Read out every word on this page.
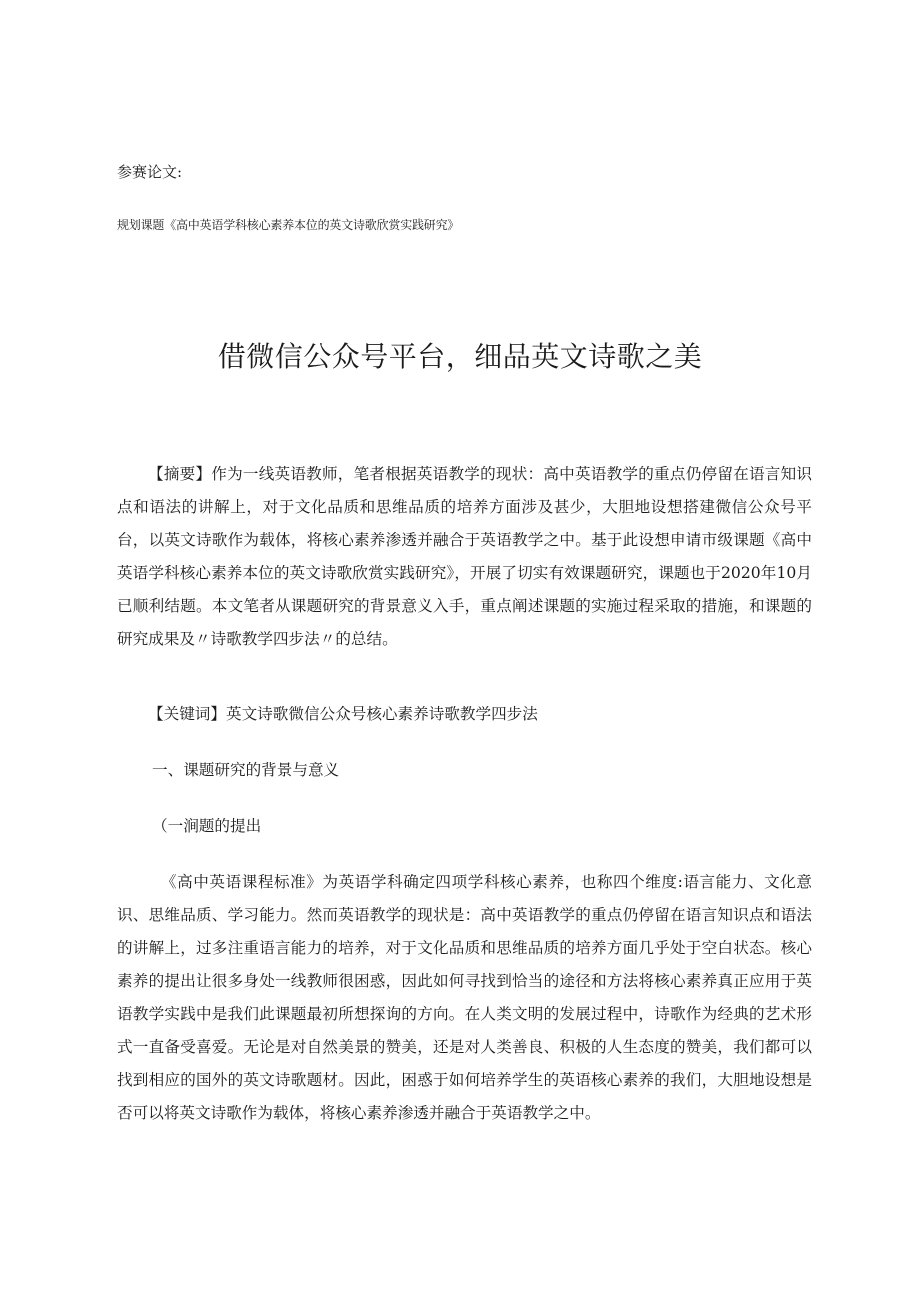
参赛论文:
规划课题《高中英语学科核心素养本位的英文诗歌欣赏实践研究》
借微信公众号平台，细品英文诗歌之美

【摘要】作为一线英语教师，笔者根据英语教学的现状：高中英语教学的重点仍停留在语言知识点和语法的讲解上，对于文化品质和思维品质的培养方面涉及甚少，大胆地设想搭建微信公众号平台，以英文诗歌作为载体，将核心素养渗透并融合于英语教学之中。基于此设想申请市级课题《高中英语学科核心素养本位的英文诗歌欣赏实践研究》，开展了切实有效课题研究，课题也于2020年10月已顺利结题。本文笔者从课题研究的背景意义入手，重点阐述课题的实施过程采取的措施，和课题的研究成果及〃诗歌教学四步法〃的总结。

【关键词】英文诗歌微信公众号核心素养诗歌教学四步法
一、课题研究的背景与意义
（一涧题的提出

《高中英语课程标准》为英语学科确定四项学科核心素养，也称四个维度:语言能力、文化意识、思维品质、学习能力。然而英语教学的现状是：高中英语教学的重点仍停留在语言知识点和语法的讲解上，过多注重语言能力的培养，对于文化品质和思维品质的培养方面几乎处于空白状态。核心素养的提出让很多身处一线教师很困惑，因此如何寻找到恰当的途径和方法将核心素养真正应用于英语教学实践中是我们此课题最初所想探询的方向。在人类文明的发展过程中，诗歌作为经典的艺术形式一直备受喜爱。无论是对自然美景的赞美，还是对人类善良、积极的人生态度的赞美，我们都可以找到相应的国外的英文诗歌题材。因此，困惑于如何培养学生的英语核心素养的我们，大胆地设想是否可以将英文诗歌作为载体，将核心素养渗透并融合于英语教学之中。
